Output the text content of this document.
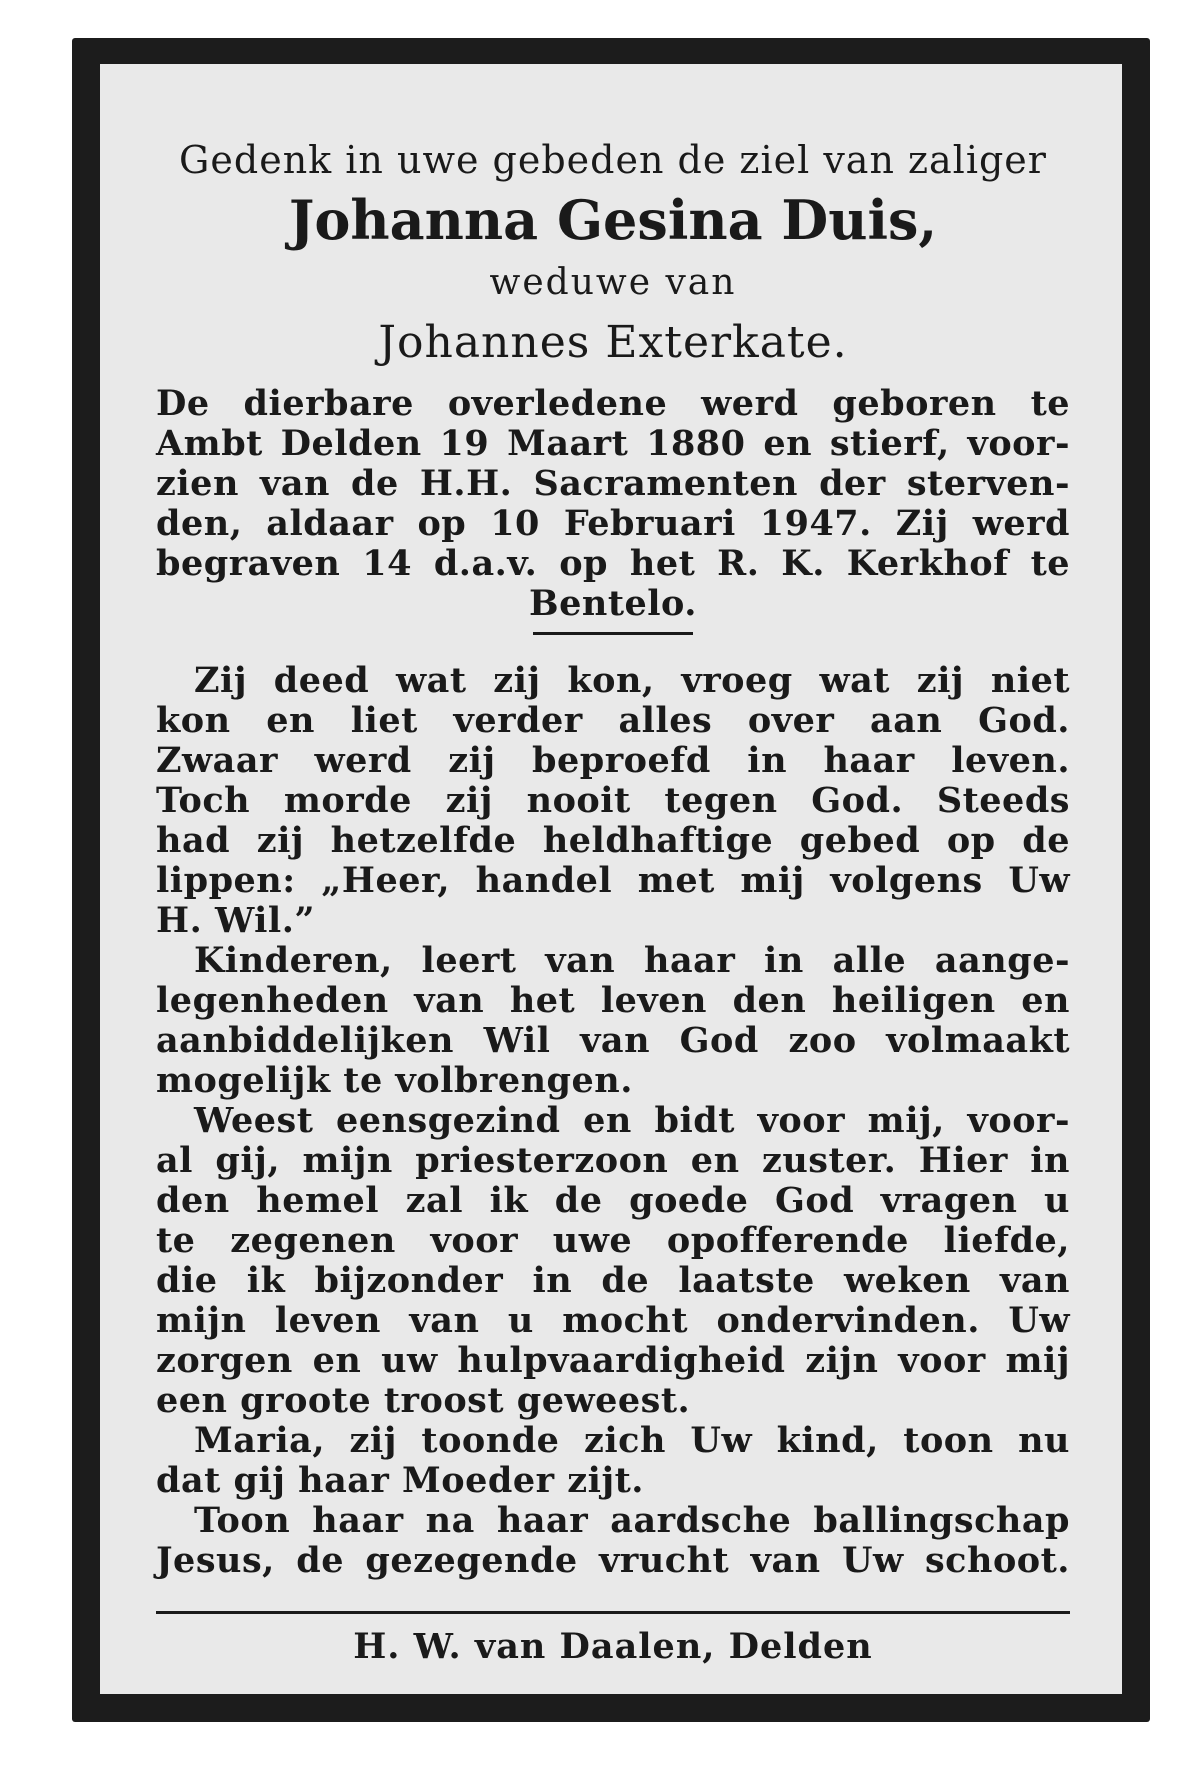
Gedenk in uwe gebeden de ziel van zaliger

Johanna Gesina Duis,

weduwe van

Johannes Exterkate.

De dierbare overledene werd geboren te

Ambt Delden 19 Maart 1880 en stierf, voor-

zien van de H.H. Sacramenten der sterven-

den, aldaar op 10 Februari 1947. Zij werd

begraven 14 d.a.v. op het R. K. Kerkhof te

Bentelo.

Zij deed wat zij kon, vroeg wat zij niet

kon en liet verder alles over aan God.

Zwaar werd zij beproefd in haar leven.

Toch morde zij nooit tegen God. Steeds

had zij hetzelfde heldhaftige gebed op de

lippen: „Heer, handel met mij volgens Uw

H. Wil.”

Kinderen, leert van haar in alle aange-

legenheden van het leven den heiligen en

aanbiddelijken Wil van God zoo volmaakt

mogelijk te volbrengen.

Weest eensgezind en bidt voor mij, voor-

al gij, mijn priesterzoon en zuster. Hier in

den hemel zal ik de goede God vragen u

te zegenen voor uwe opofferende liefde,

die ik bijzonder in de laatste weken van

mijn leven van u mocht ondervinden. Uw

zorgen en uw hulpvaardigheid zijn voor mij

een groote troost geweest.

Maria, zij toonde zich Uw kind, toon nu

dat gij haar Moeder zijt.

Toon haar na haar aardsche ballingschap

Jesus, de gezegende vrucht van Uw schoot.

H. W. van Daalen, Delden
